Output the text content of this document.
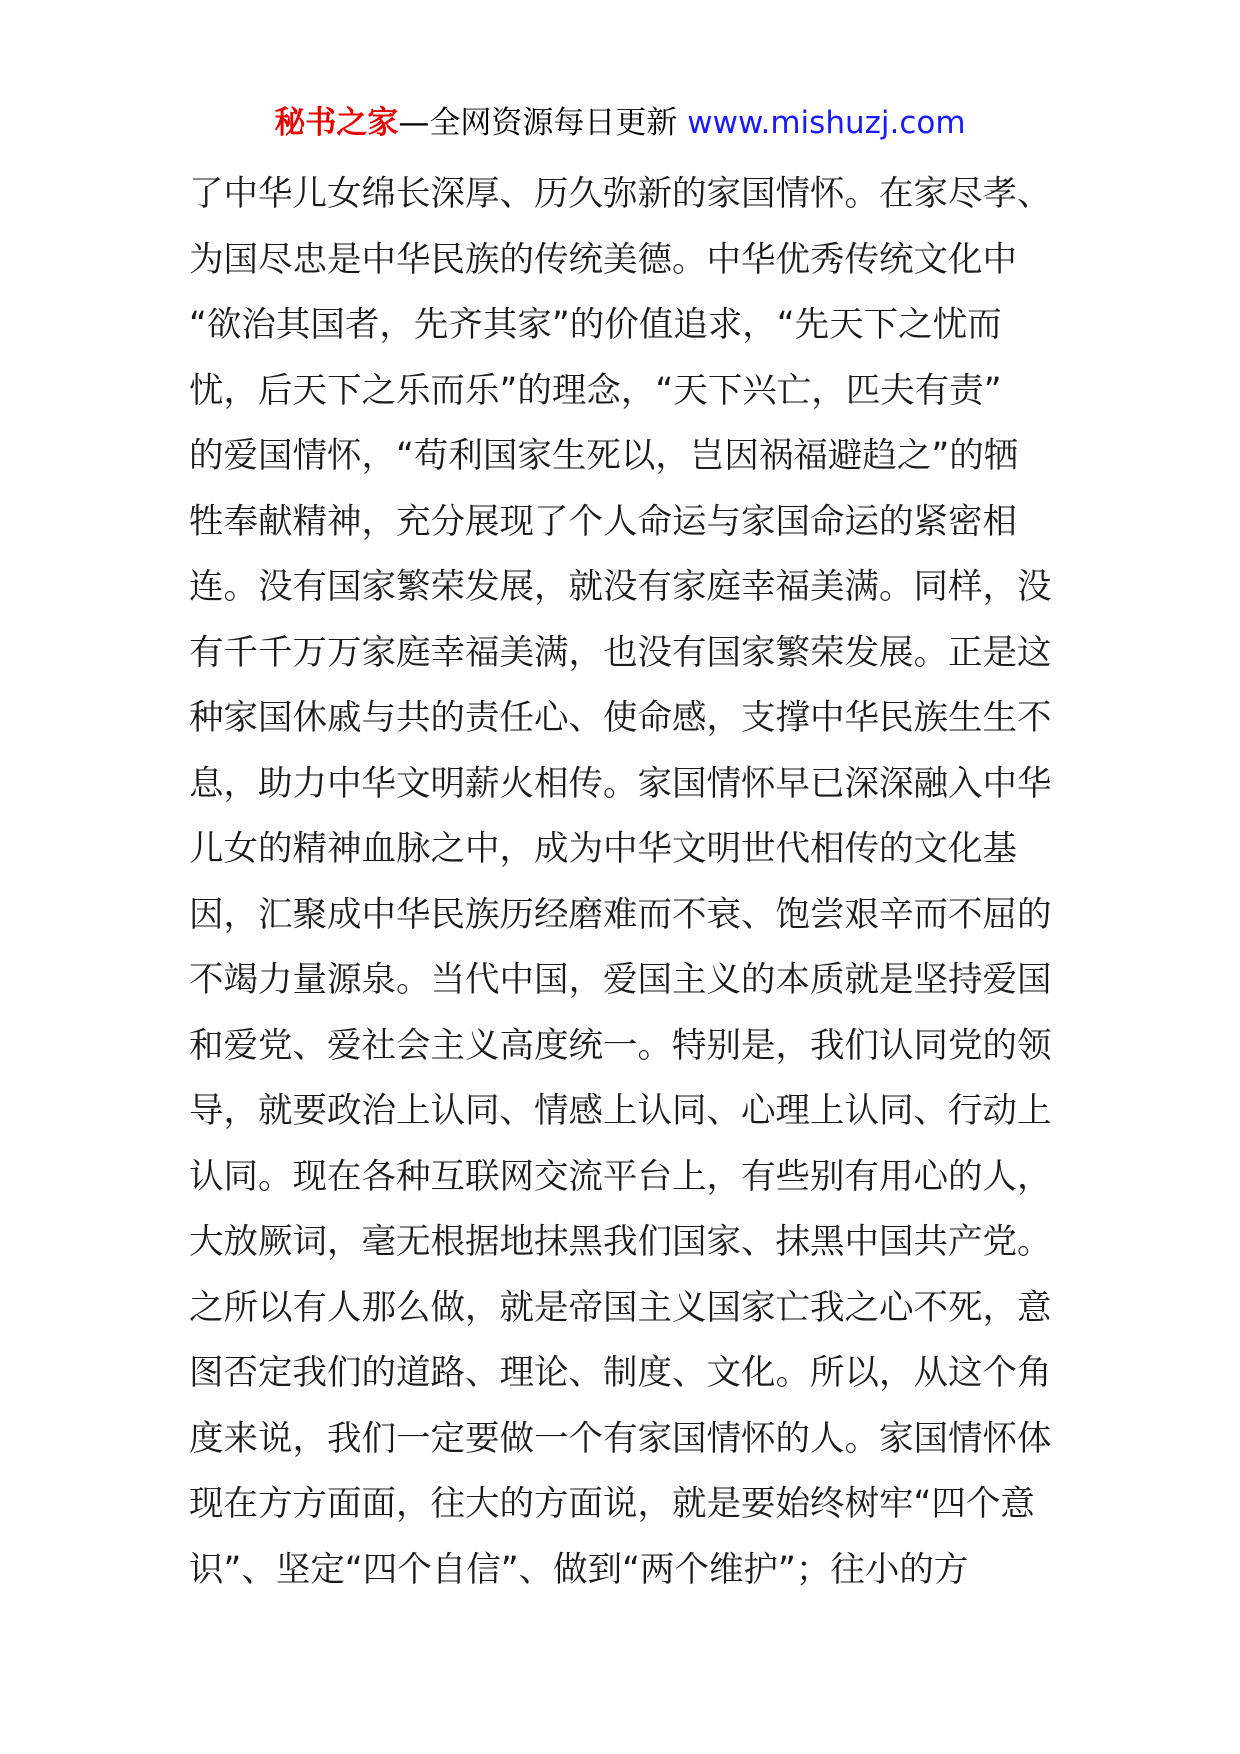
秘书之家—全网资源每日更新 www.mishuzj.com
了中华儿女绵长深厚、历久弥新的家国情怀。在家尽孝、
为国尽忠是中华民族的传统美德。中华优秀传统文化中
“欲治其国者，先齐其家”的价值追求，“先天下之忧而
忧，后天下之乐而乐”的理念，“天下兴亡，匹夫有责”
的爱国情怀，“苟利国家生死以，岂因祸福避趋之”的牺
牲奉献精神，充分展现了个人命运与家国命运的紧密相
连。没有国家繁荣发展，就没有家庭幸福美满。同样，没
有千千万万家庭幸福美满，也没有国家繁荣发展。正是这
种家国休戚与共的责任心、使命感，支撑中华民族生生不
息，助力中华文明薪火相传。家国情怀早已深深融入中华
儿女的精神血脉之中，成为中华文明世代相传的文化基
因，汇聚成中华民族历经磨难而不衰、饱尝艰辛而不屈的
不竭力量源泉。当代中国，爱国主义的本质就是坚持爱国
和爱党、爱社会主义高度统一。特别是，我们认同党的领
导，就要政治上认同、情感上认同、心理上认同、行动上
认同。现在各种互联网交流平台上，有些别有用心的人，
大放厥词，毫无根据地抹黑我们国家、抹黑中国共产党。
之所以有人那么做，就是帝国主义国家亡我之心不死，意
图否定我们的道路、理论、制度、文化。所以，从这个角
度来说，我们一定要做一个有家国情怀的人。家国情怀体
现在方方面面，往大的方面说，就是要始终树牢“四个意
识”、坚定“四个自信”、做到“两个维护”；往小的方
